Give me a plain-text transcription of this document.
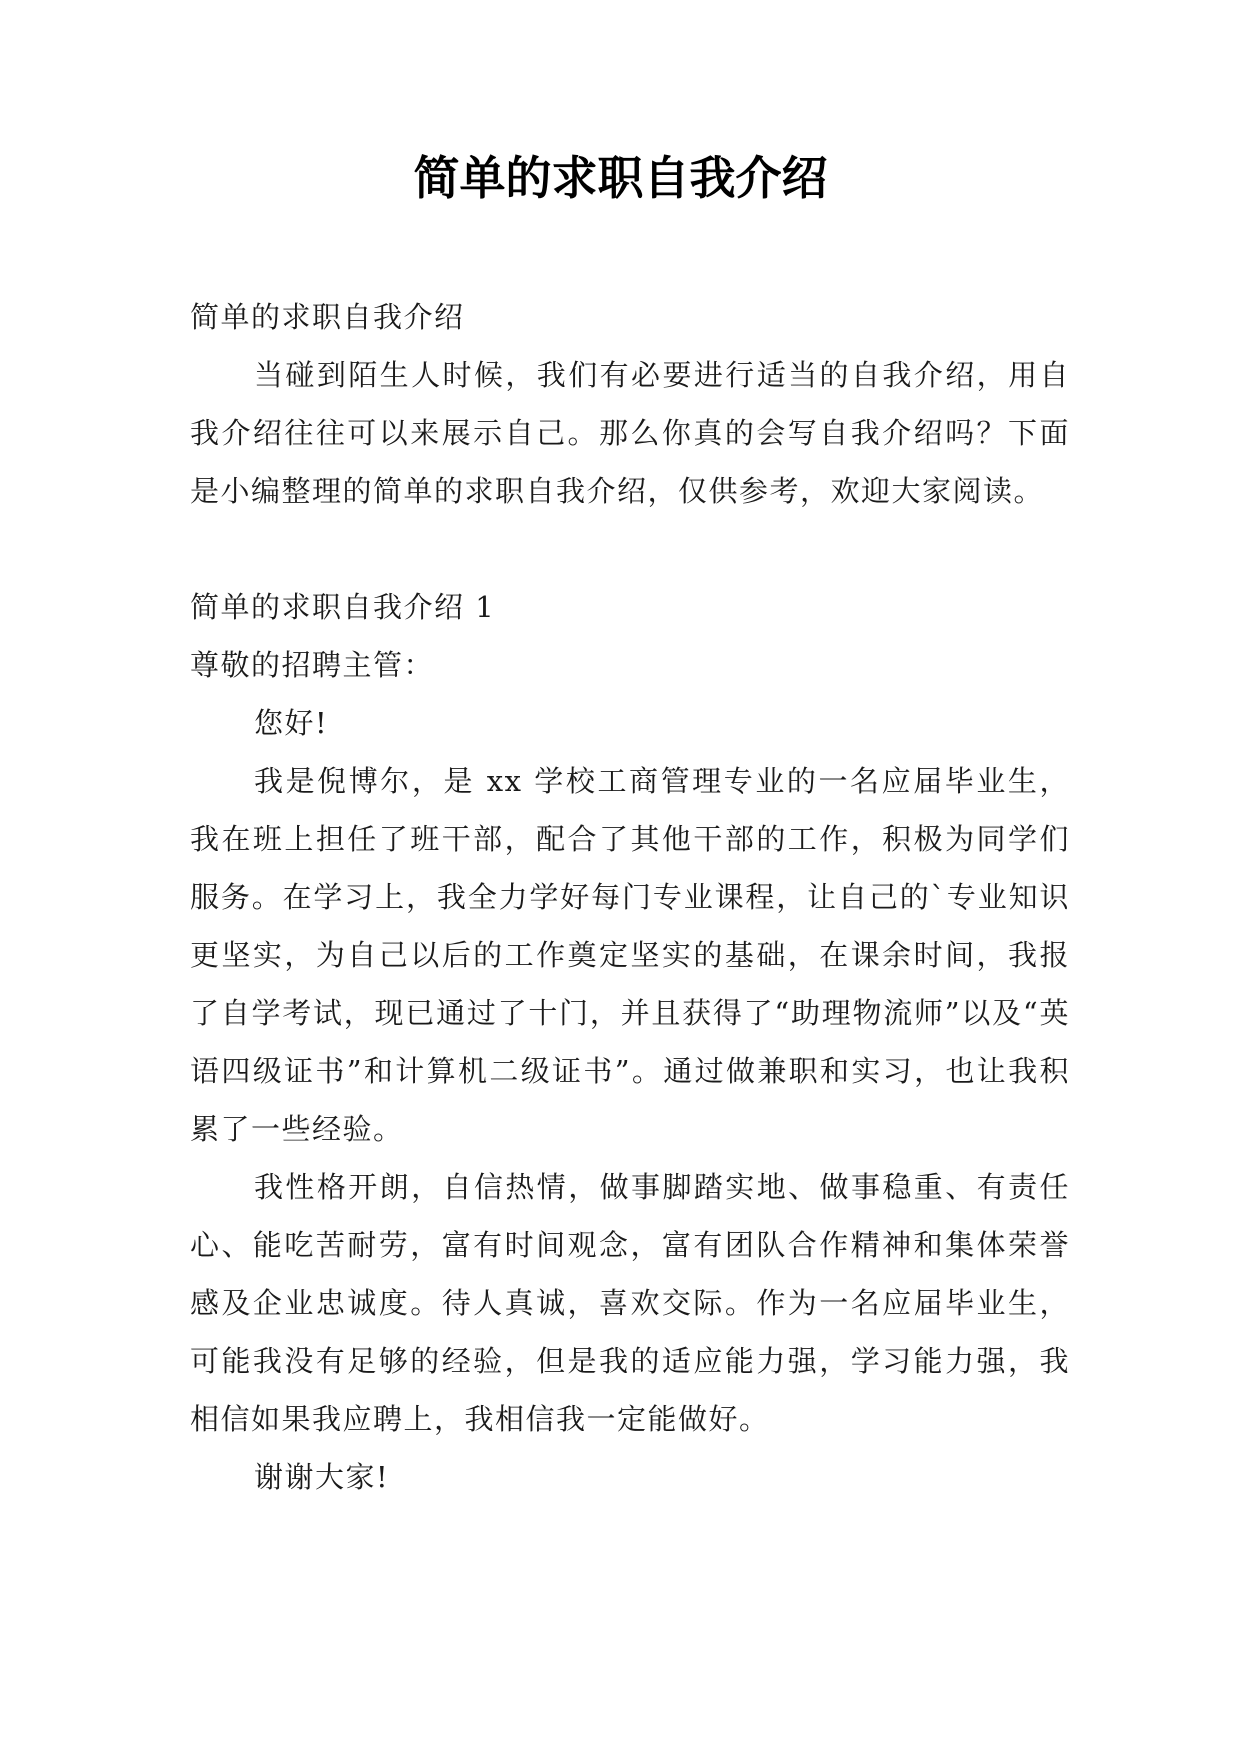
简单的求职自我介绍

简单的求职自我介绍

当碰到陌生人时候，我们有必要进行适当的自我介绍，用自我介绍往往可以来展示自己。那么你真的会写自我介绍吗？下面是小编整理的简单的求职自我介绍，仅供参考，欢迎大家阅读。

简单的求职自我介绍 1

尊敬的招聘主管：

您好!

我是倪博尔，是 xx 学校工商管理专业的一名应届毕业生，我在班上担任了班干部，配合了其他干部的工作，积极为同学们服务。在学习上，我全力学好每门专业课程，让自己的`专业知识更坚实，为自己以后的工作奠定坚实的基础，在课余时间，我报了自学考试，现已通过了十门，并且获得了“助理物流师”以及“英语四级证书”和计算机二级证书”。通过做兼职和实习，也让我积累了一些经验。

我性格开朗，自信热情，做事脚踏实地、做事稳重、有责任心、能吃苦耐劳，富有时间观念，富有团队合作精神和集体荣誉感及企业忠诚度。待人真诚，喜欢交际。作为一名应届毕业生，可能我没有足够的经验，但是我的适应能力强，学习能力强，我相信如果我应聘上，我相信我一定能做好。

谢谢大家!
